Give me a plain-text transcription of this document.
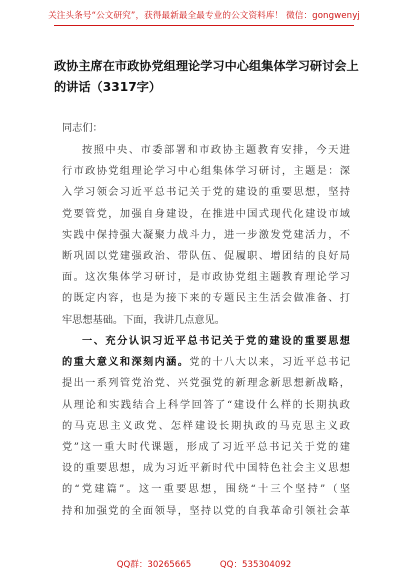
关注头条号“公文研究”，获得最新最全最专业的公文资料库！ 微信：gongwenyj
政协主席在市政协党组理论学习中心组集体学习研讨会上
的讲话（3317字）
同志们：
按照中央、市委部署和市政协主题教育安排，今天进
行市政协党组理论学习中心组集体学习研讨，主题是：深
入学习领会习近平总书记关于党的建设的重要思想，坚持
党要管党，加强自身建设，在推进中国式现代化建设市域
实践中保持强大凝聚力战斗力，进一步激发党建活力，不
断巩固以党建强政治、带队伍、促履职、增团结的良好局
面。这次集体学习研讨，是市政协党组主题教育理论学习
的既定内容，也是为接下来的专题民主生活会做准备、打
牢思想基础。下面，我讲几点意见。
一、充分认识习近平总书记关于党的建设的重要思想
的重大意义和深刻内涵。党的十八大以来，习近平总书记
提出一系列管党治党、兴党强党的新理念新思想新战略，
从理论和实践结合上科学回答了“建设什么样的长期执政
的马克思主义政党、怎样建设长期执政的马克思主义政
党”这一重大时代课题，形成了习近平总书记关于党的建
设的重要思想，成为习近平新时代中国特色社会主义思想
的“党建篇”。这一重要思想，围绕“十三个坚持”（坚
持和加强党的全面领导，坚持以党的自我革命引领社会革
QQ群：30265665	QQ：535304092
